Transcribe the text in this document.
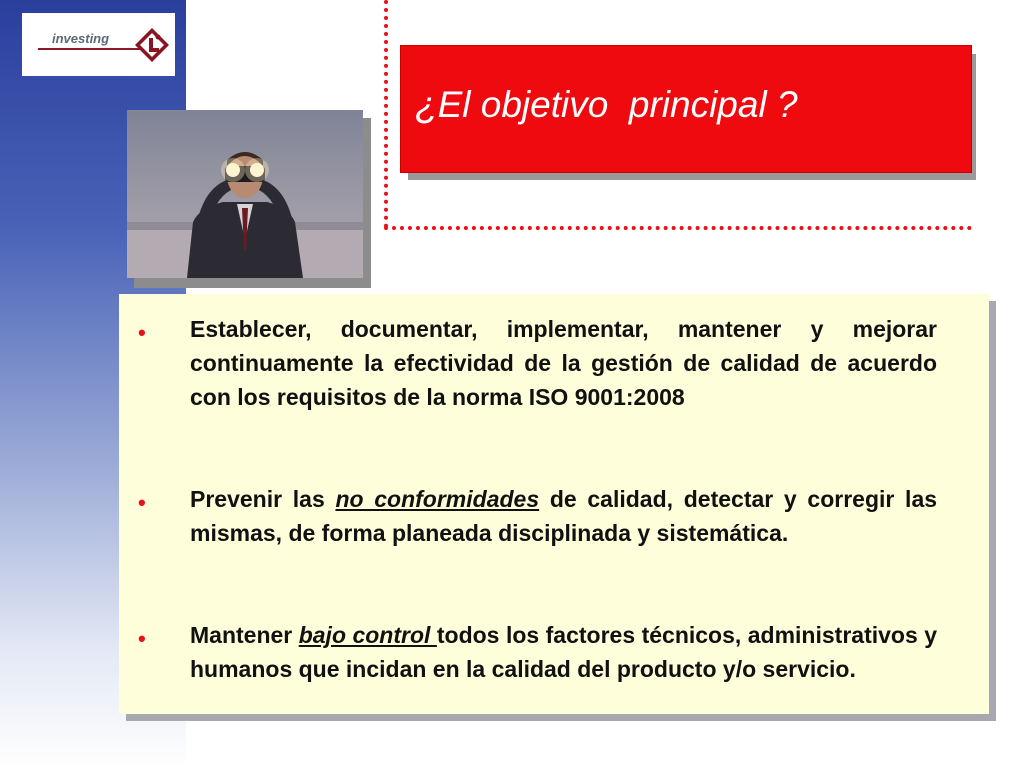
investing
¿El objetivo  principal ?
• Establecer, documentar, implementar, mantener y mejorar continuamente la efectividad de la gestión de calidad de acuerdo con los requisitos de la norma ISO 9001:2008
• Prevenir las no conformidades de calidad, detectar y corregir las mismas, de forma planeada disciplinada y sistemática.
• Mantener bajo control todos los factores técnicos, administrativos y humanos que incidan en la calidad del producto y/o servicio.
